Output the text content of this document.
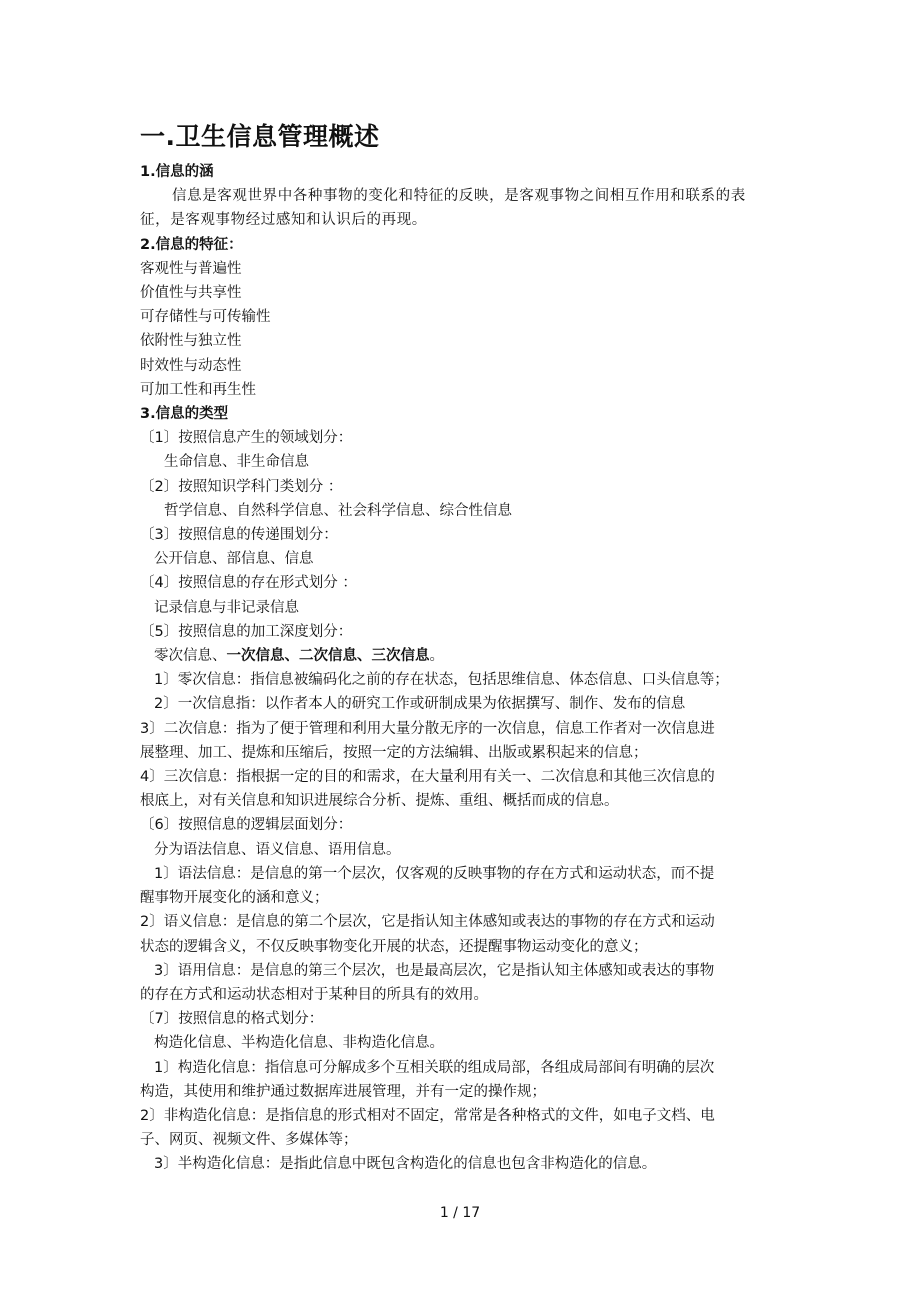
一.卫生信息管理概述

1.信息的涵

信息是客观世界中各种事物的变化和特征的反映，是客观事物之间相互作用和联系的表

征，是客观事物经过感知和认识后的再现。

2.信息的特征：

客观性与普遍性

价值性与共享性

可存储性与可传输性

依附性与独立性

时效性与动态性

可加工性和再生性

3.信息的类型

〔1〕按照信息产生的领域划分：

生命信息、非生命信息

〔2〕按照知识学科门类划分 ：

哲学信息、自然科学信息、社会科学信息、综合性信息

〔3〕按照信息的传递围划分：

公开信息、部信息、信息

〔4〕按照信息的存在形式划分 ：

记录信息与非记录信息

〔5〕按照信息的加工深度划分：

零次信息、一次信息、二次信息、三次信息。

1〕零次信息：指信息被编码化之前的存在状态，包括思维信息、体态信息、口头信息等；

2〕一次信息指：以作者本人的研究工作或研制成果为依据撰写、制作、发布的信息

3〕二次信息：指为了便于管理和利用大量分散无序的一次信息，信息工作者对一次信息进

展整理、加工、提炼和压缩后，按照一定的方法编辑、出版或累积起来的信息；

4〕三次信息：指根据一定的目的和需求，在大量利用有关一、二次信息和其他三次信息的

根底上，对有关信息和知识进展综合分析、提炼、重组、概括而成的信息。

〔6〕按照信息的逻辑层面划分：

分为语法信息、语义信息、语用信息。

1〕语法信息：是信息的第一个层次，仅客观的反映事物的存在方式和运动状态，而不提

醒事物开展变化的涵和意义；

2〕语义信息：是信息的第二个层次，它是指认知主体感知或表达的事物的存在方式和运动

状态的逻辑含义，不仅反映事物变化开展的状态，还提醒事物运动变化的意义；

3〕语用信息：是信息的第三个层次，也是最高层次，它是指认知主体感知或表达的事物

的存在方式和运动状态相对于某种目的所具有的效用。

〔7〕按照信息的格式划分：

构造化信息、半构造化信息、非构造化信息。

1〕构造化信息：指信息可分解成多个互相关联的组成局部，各组成局部间有明确的层次

构造，其使用和维护通过数据库进展管理，并有一定的操作规；

2〕非构造化信息：是指信息的形式相对不固定，常常是各种格式的文件，如电子文档、电

子、网页、视频文件、多媒体等；

3〕半构造化信息：是指此信息中既包含构造化的信息也包含非构造化的信息。

1 / 17
